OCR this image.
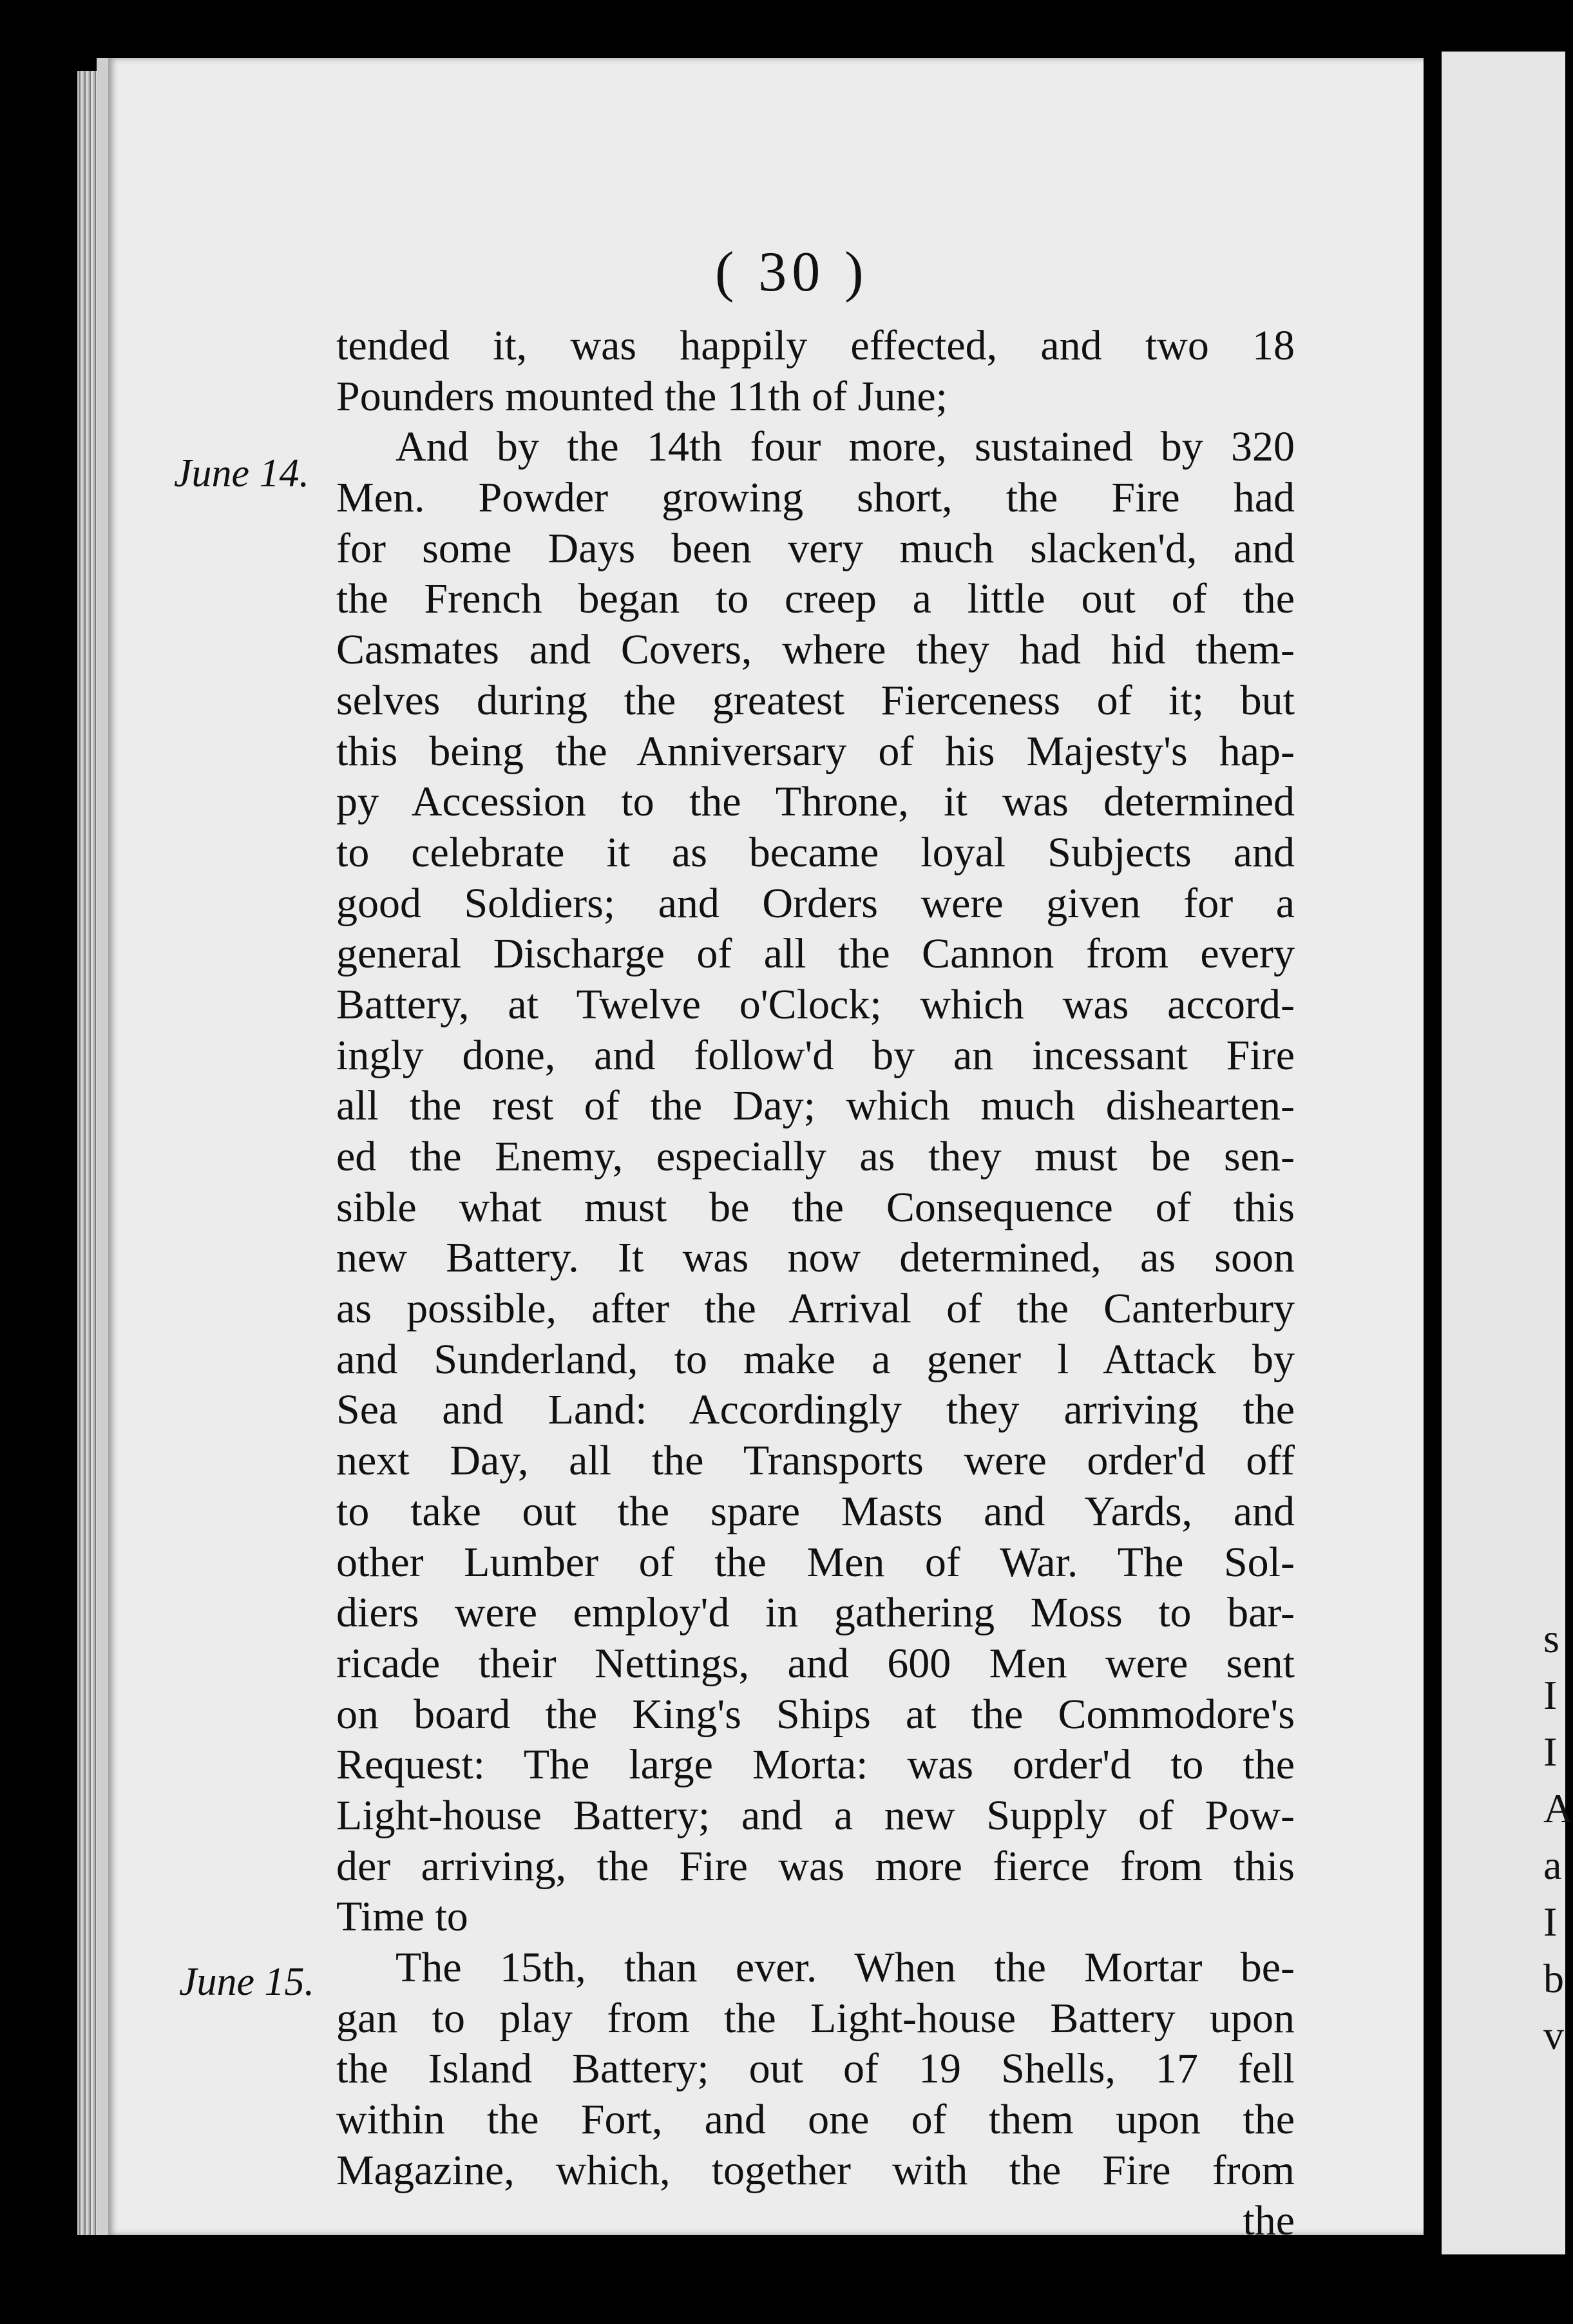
s
I
I
A
a
I
b
v
( 30 )
June 14.
June 15.
tended it, was happily effected, and two 18
Pounders mounted the 11th of June;
And by the 14th four more, sustained by 320
Men. Powder growing short, the Fire had
for some Days been very much slacken'd, and
the French began to creep a little out of the
Casmates and Covers, where they had hid them-
selves during the greatest Fierceness of it; but
this being the Anniversary of his Majesty's hap-
py Accession to the Throne, it was determined
to celebrate it as became loyal Subjects and
good Soldiers; and Orders were given for a
general Discharge of all the Cannon from every
Battery, at Twelve o'Clock; which was accord-
ingly done, and follow'd by an incessant Fire
all the rest of the Day; which much dishearten-
ed the Enemy, especially as they must be sen-
sible what must be the Consequence of this
new Battery. It was now determined, as soon
as possible, after the Arrival of the Canterbury
and Sunderland, to make a gener l Attack by
Sea and Land: Accordingly they arriving the
next Day, all the Transports were order'd off
to take out the spare Masts and Yards, and
other Lumber of the Men of War. The Sol-
diers were employ'd in gathering Moss to bar-
ricade their Nettings, and 600 Men were sent
on board the King's Ships at the Commodore's
Request: The large Morta: was order'd to the
Light-house Battery; and a new Supply of Pow-
der arriving, the Fire was more fierce from this
Time to
The 15th, than ever. When the Mortar be-
gan to play from the Light-house Battery upon
the Island Battery; out of 19 Shells, 17 fell
within the Fort, and one of them upon the
Magazine, which, together with the Fire from
the
